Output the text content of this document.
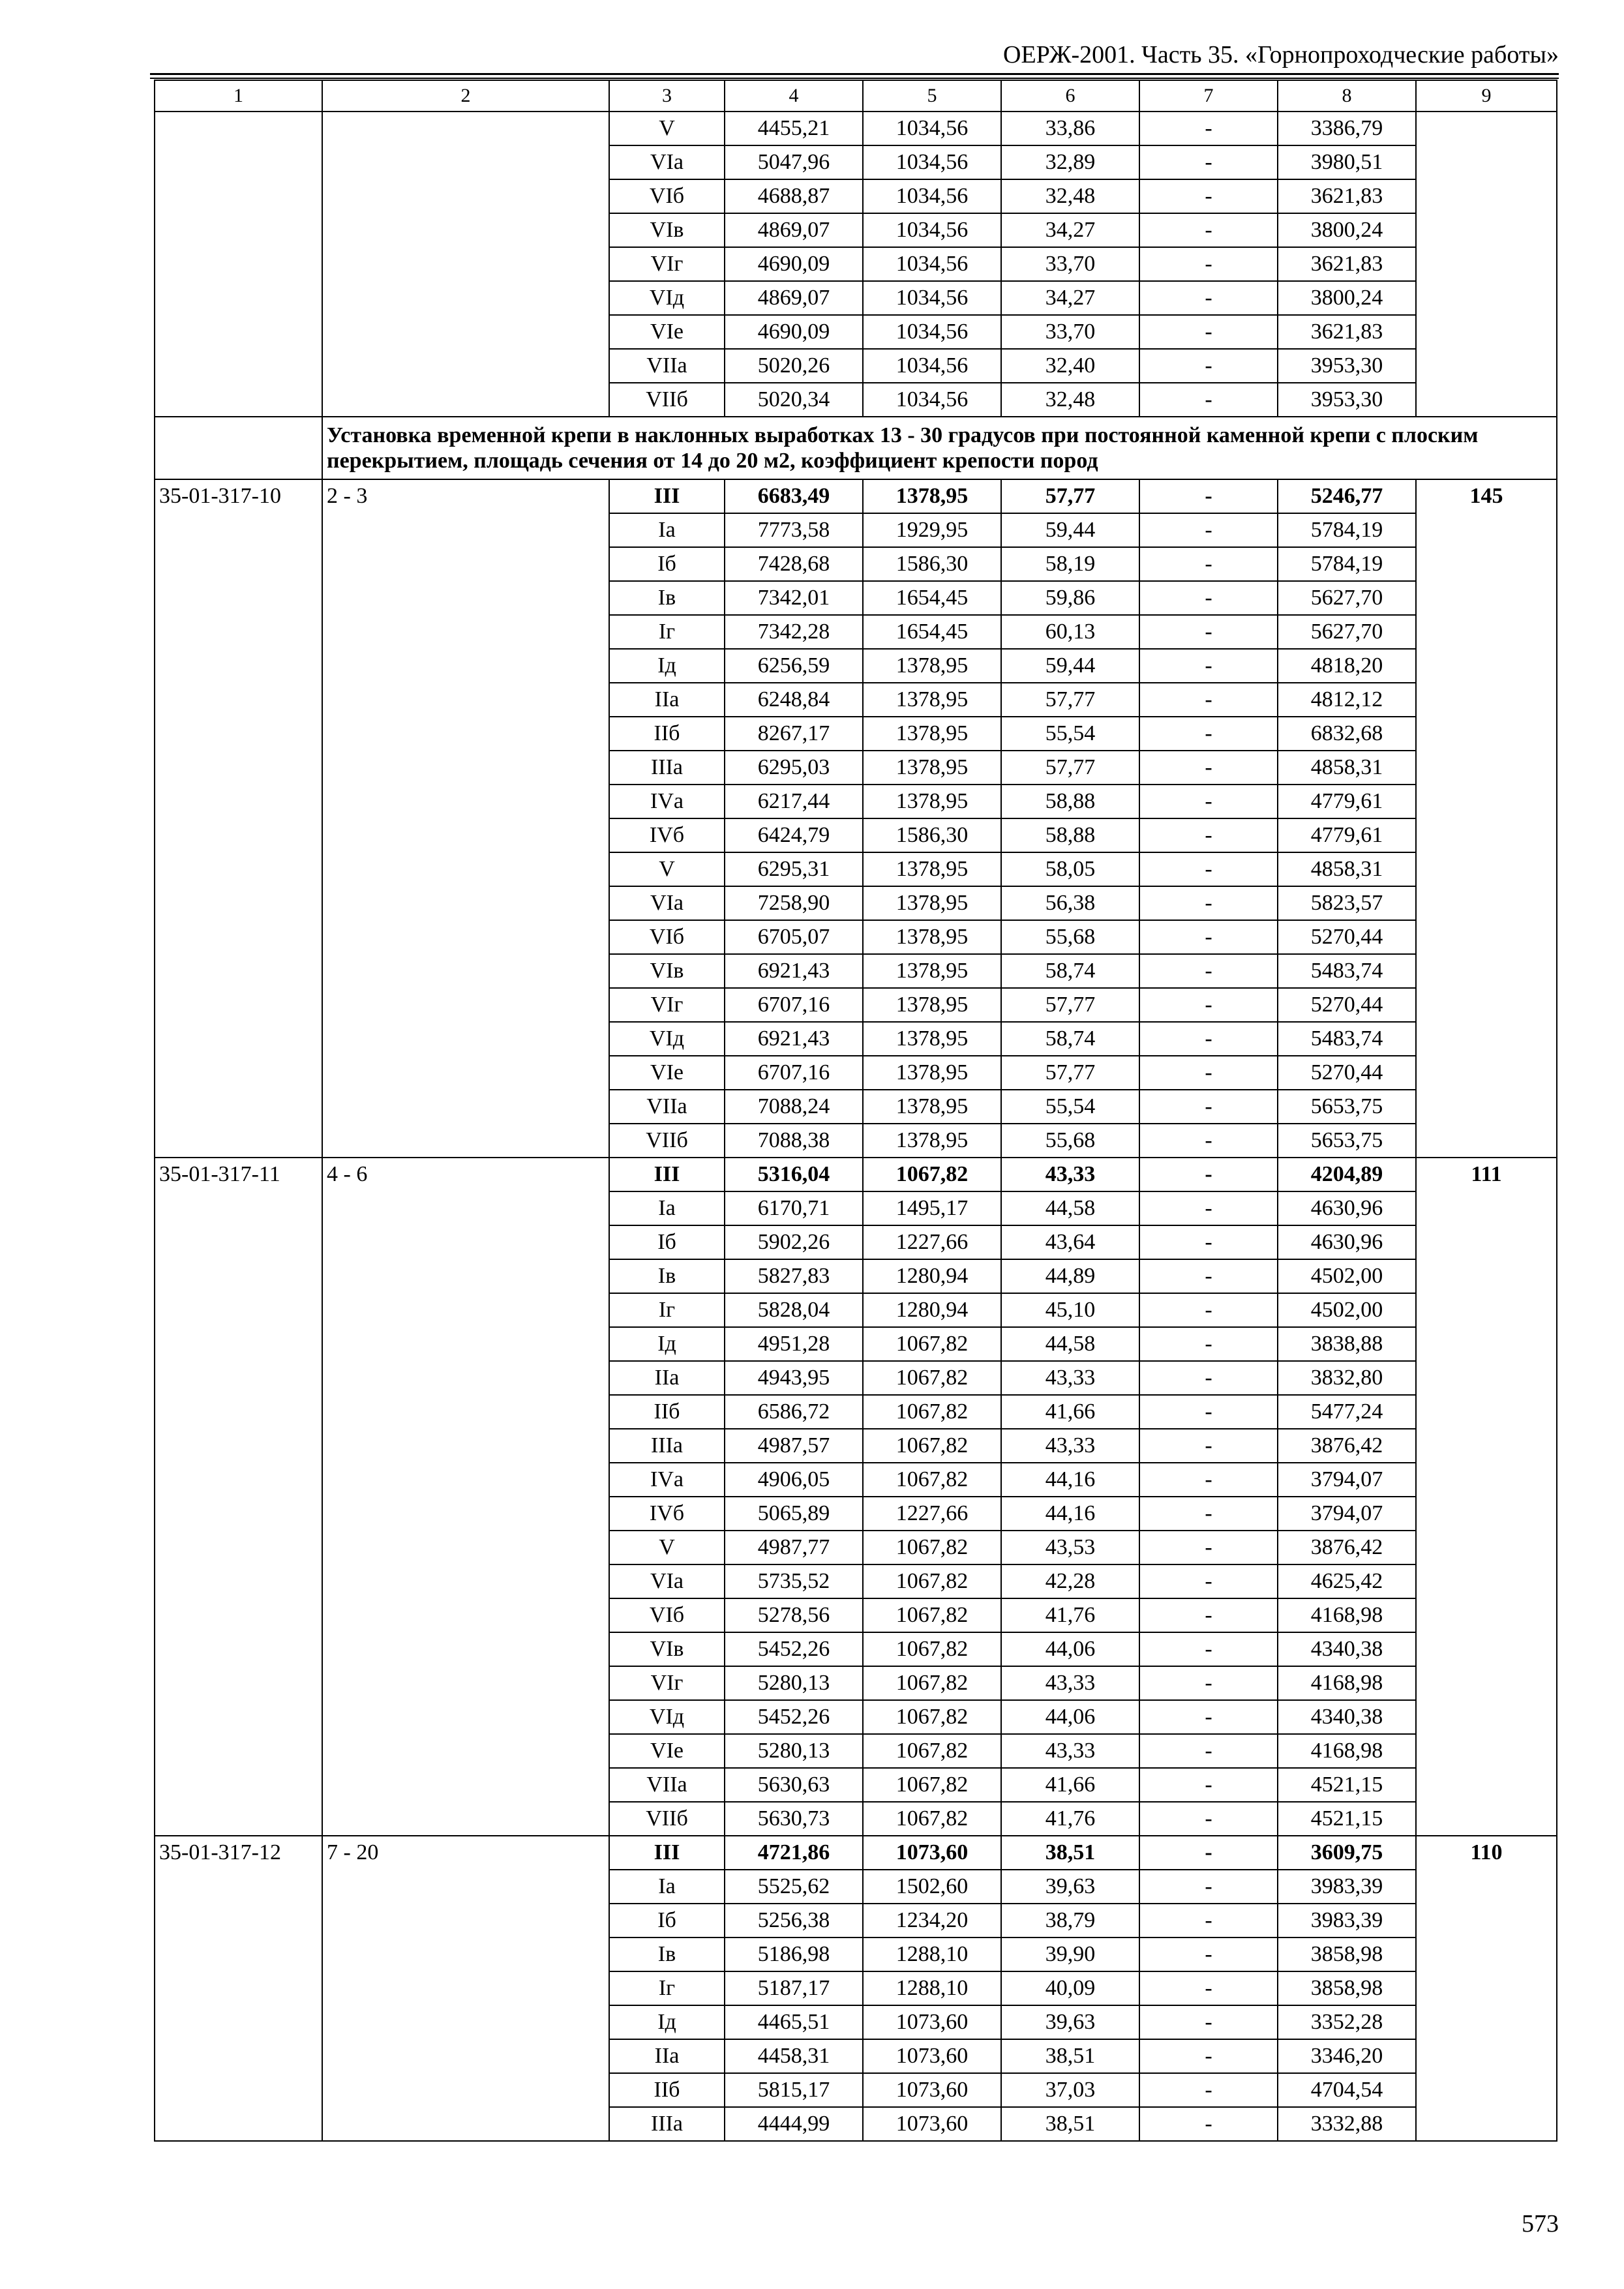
ОЕРЖ-2001. Часть 35. «Горнопроходческие работы»
1	2	3	4	5	6	7	8	9
		V	4455,21	1034,56	33,86	-	3386,79	
		VIа	5047,96	1034,56	32,89	-	3980,51	
		VIб	4688,87	1034,56	32,48	-	3621,83	
		VIв	4869,07	1034,56	34,27	-	3800,24	
		VIг	4690,09	1034,56	33,70	-	3621,83	
		VIд	4869,07	1034,56	34,27	-	3800,24	
		VIе	4690,09	1034,56	33,70	-	3621,83	
		VIIа	5020,26	1034,56	32,40	-	3953,30	
		VIIб	5020,34	1034,56	32,48	-	3953,30	
	Установка временной крепи в наклонных выработках 13 - 30 градусов при постоянной каменной крепи с плоским перекрытием, площадь сечения от 14 до 20 м2, коэффициент крепости пород							
35-01-317-10	2 - 3	III	6683,49	1378,95	57,77	-	5246,77	145
		Iа	7773,58	1929,95	59,44	-	5784,19	
		Iб	7428,68	1586,30	58,19	-	5784,19	
		Iв	7342,01	1654,45	59,86	-	5627,70	
		Iг	7342,28	1654,45	60,13	-	5627,70	
		Iд	6256,59	1378,95	59,44	-	4818,20	
		IIа	6248,84	1378,95	57,77	-	4812,12	
		IIб	8267,17	1378,95	55,54	-	6832,68	
		IIIа	6295,03	1378,95	57,77	-	4858,31	
		IVа	6217,44	1378,95	58,88	-	4779,61	
		IVб	6424,79	1586,30	58,88	-	4779,61	
		V	6295,31	1378,95	58,05	-	4858,31	
		VIа	7258,90	1378,95	56,38	-	5823,57	
		VIб	6705,07	1378,95	55,68	-	5270,44	
		VIв	6921,43	1378,95	58,74	-	5483,74	
		VIг	6707,16	1378,95	57,77	-	5270,44	
		VIд	6921,43	1378,95	58,74	-	5483,74	
		VIе	6707,16	1378,95	57,77	-	5270,44	
		VIIа	7088,24	1378,95	55,54	-	5653,75	
		VIIб	7088,38	1378,95	55,68	-	5653,75	
35-01-317-11	4 - 6	III	5316,04	1067,82	43,33	-	4204,89	111
		Iа	6170,71	1495,17	44,58	-	4630,96	
		Iб	5902,26	1227,66	43,64	-	4630,96	
		Iв	5827,83	1280,94	44,89	-	4502,00	
		Iг	5828,04	1280,94	45,10	-	4502,00	
		Iд	4951,28	1067,82	44,58	-	3838,88	
		IIа	4943,95	1067,82	43,33	-	3832,80	
		IIб	6586,72	1067,82	41,66	-	5477,24	
		IIIа	4987,57	1067,82	43,33	-	3876,42	
		IVа	4906,05	1067,82	44,16	-	3794,07	
		IVб	5065,89	1227,66	44,16	-	3794,07	
		V	4987,77	1067,82	43,53	-	3876,42	
		VIа	5735,52	1067,82	42,28	-	4625,42	
		VIб	5278,56	1067,82	41,76	-	4168,98	
		VIв	5452,26	1067,82	44,06	-	4340,38	
		VIг	5280,13	1067,82	43,33	-	4168,98	
		VIд	5452,26	1067,82	44,06	-	4340,38	
		VIе	5280,13	1067,82	43,33	-	4168,98	
		VIIа	5630,63	1067,82	41,66	-	4521,15	
		VIIб	5630,73	1067,82	41,76	-	4521,15	
35-01-317-12	7 - 20	III	4721,86	1073,60	38,51	-	3609,75	110
		Iа	5525,62	1502,60	39,63	-	3983,39	
		Iб	5256,38	1234,20	38,79	-	3983,39	
		Iв	5186,98	1288,10	39,90	-	3858,98	
		Iг	5187,17	1288,10	40,09	-	3858,98	
		Iд	4465,51	1073,60	39,63	-	3352,28	
		IIа	4458,31	1073,60	38,51	-	3346,20	
		IIб	5815,17	1073,60	37,03	-	4704,54	
		IIIа	4444,99	1073,60	38,51	-	3332,88	
573
